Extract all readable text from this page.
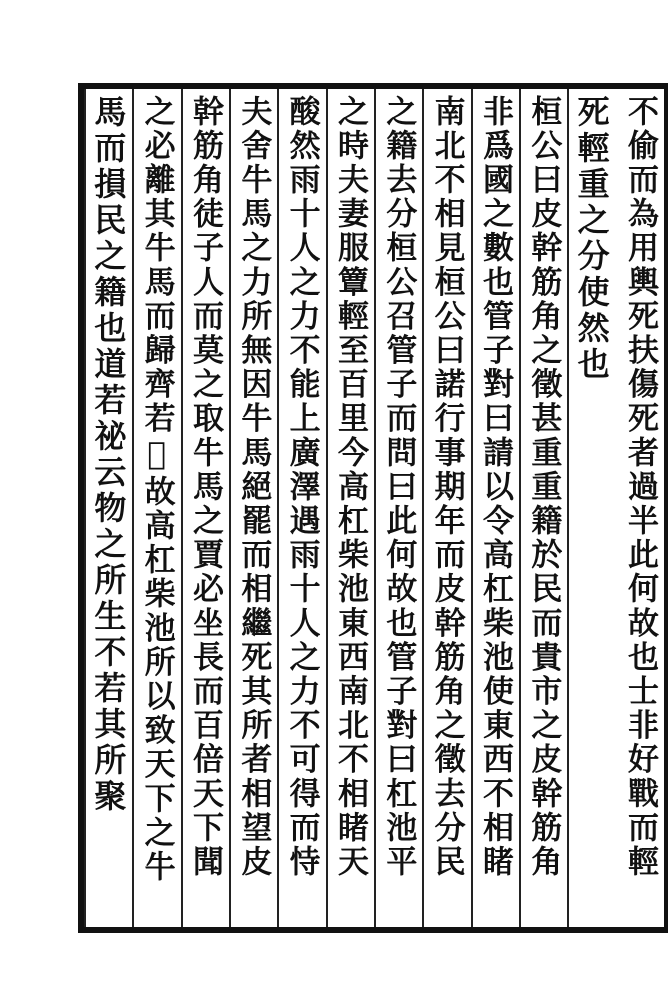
不偷而為用輿死扶傷死者過半此何故也士非好戰而輕
死輕重之分使然也
桓公曰皮幹筋角之徵甚重重籍於民而貴市之皮幹筋角
非爲國之數也管子對曰請以令高杠柴池使東西不相睹
南北不相見桓公曰諾行事期年而皮幹筋角之徵去分民
之籍去分桓公召管子而問曰此何故也管子對曰杠池平
之時夫妻服簟輕至百里今高杠柴池東西南北不相睹天
酸然雨十人之力不能上廣澤遇雨十人之力不可得而恃
夫舍牛馬之力所無因牛馬絕罷而相繼死其所者相望皮
幹筋角徒子人而莫之取牛馬之賈必坐長而百倍天下聞
之必離其牛馬而歸齊若𣲖故高杠柴池所以致天下之牛
馬而損民之籍也道若祕云物之所生不若其所聚
